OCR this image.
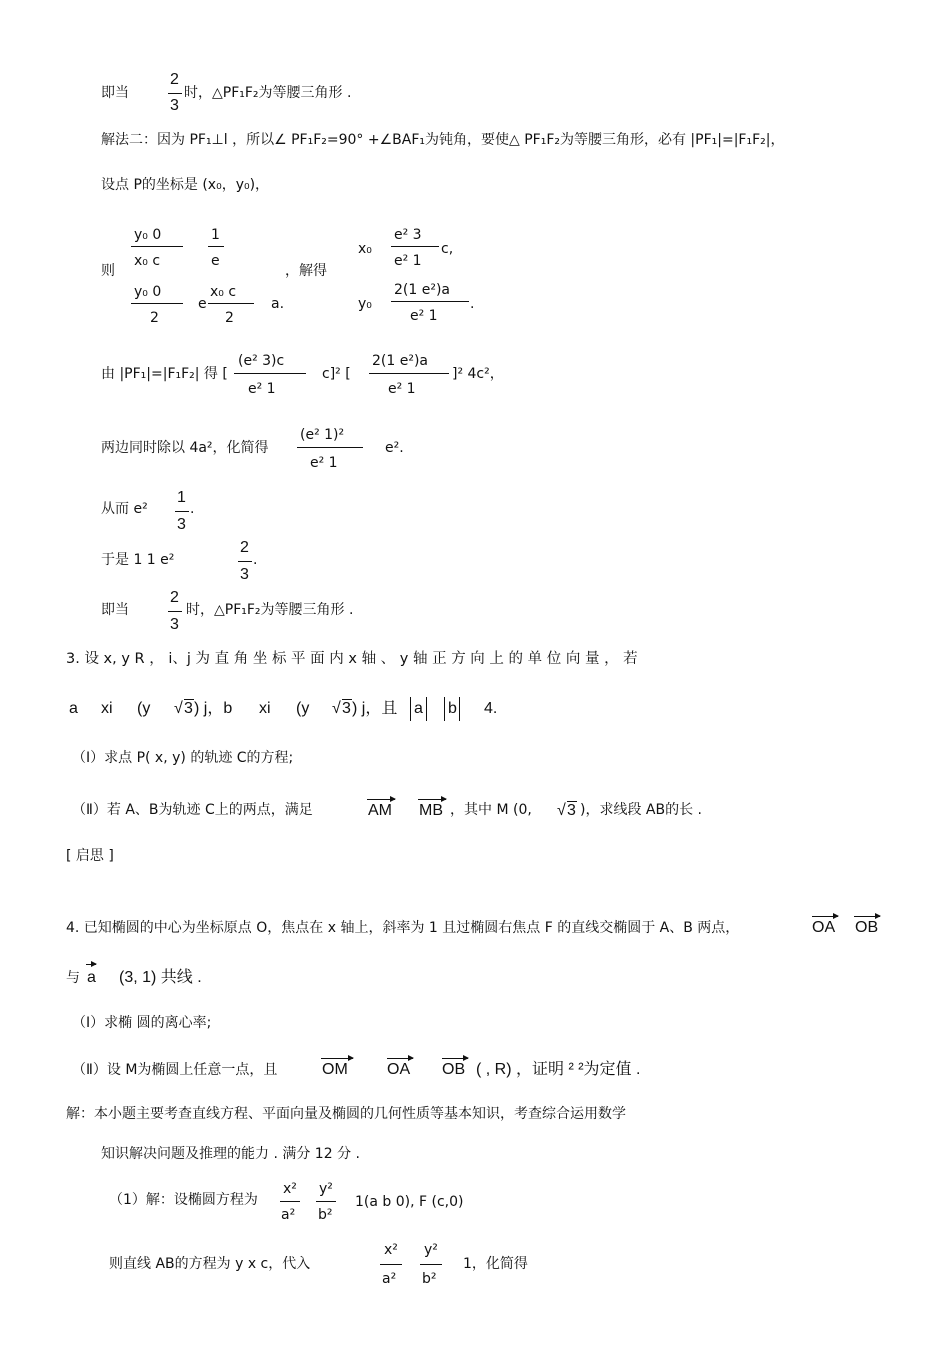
即当
2
3
时，△PF₁F₂为等腰三角形 .
解法二：因为 PF₁⊥l ，所以∠ PF₁F₂=90° +∠BAF₁为钝角，要使△ PF₁F₂为等腰三角形，必有 |PF₁|=|F₁F₂|，
设点 P的坐标是 (x₀，y₀)，
则
y₀ 0
x₀ c
1
e
y₀ 0
2
e
x₀ c
2
a.
，解得
x₀
e² 3
e² 1
c,
y₀
2(1 e²)a
e² 1
.
由 |PF₁|=|F₁F₂| 得 [
(e² 3)c
e² 1
c]² [
2(1 e²)a
e² 1
]² 4c²，
两边同时除以 4a²，化简得
(e² 1)²
e² 1
e².
从而 e²
1
3
.
于是 1 1 e²
2
3
.
即当
2
3
时，△PF₁F₂为等腰三角形 .
3. 设 x, y R ， i、j 为 直 角 坐 标 平 面 内 x 轴 、 y 轴 正 方 向 上 的 单 位 向 量 ， 若
a xi (y √ 3 ) j，b xi (y √ 3 ) j，且 a b 4.
（Ⅰ）求点 P( x, y) 的轨迹 C的方程;
（Ⅱ）若 A、B为轨迹 C上的两点，满足	AM MB ，其中 M (0, √ 3 )，求线段 AB的长 .
[ 启思 ]
4. 已知椭圆的中心为坐标原点 O，焦点在 x 轴上，斜率为 1 且过椭圆右焦点 F 的直线交椭圆于 A、B 两点，	OA OB
与 a (3, 1) 共线 .
（Ⅰ）求椭 圆的离心率;
（Ⅱ）设 M为椭圆上任意一点，且	OM OA OB ( , R) ，证明 ² ²为定值 .
解：本小题主要考查直线方程、平面向量及椭圆的几何性质等基本知识，考查综合运用数学
知识解决问题及推理的能力 . 满分 12 分 .
（1）解：设椭圆方程为
x²
a²
y²
b²
1(a b 0), F (c,0)
则直线 AB的方程为 y x c，代入
x²
a²
y²
b²
1，化简得
